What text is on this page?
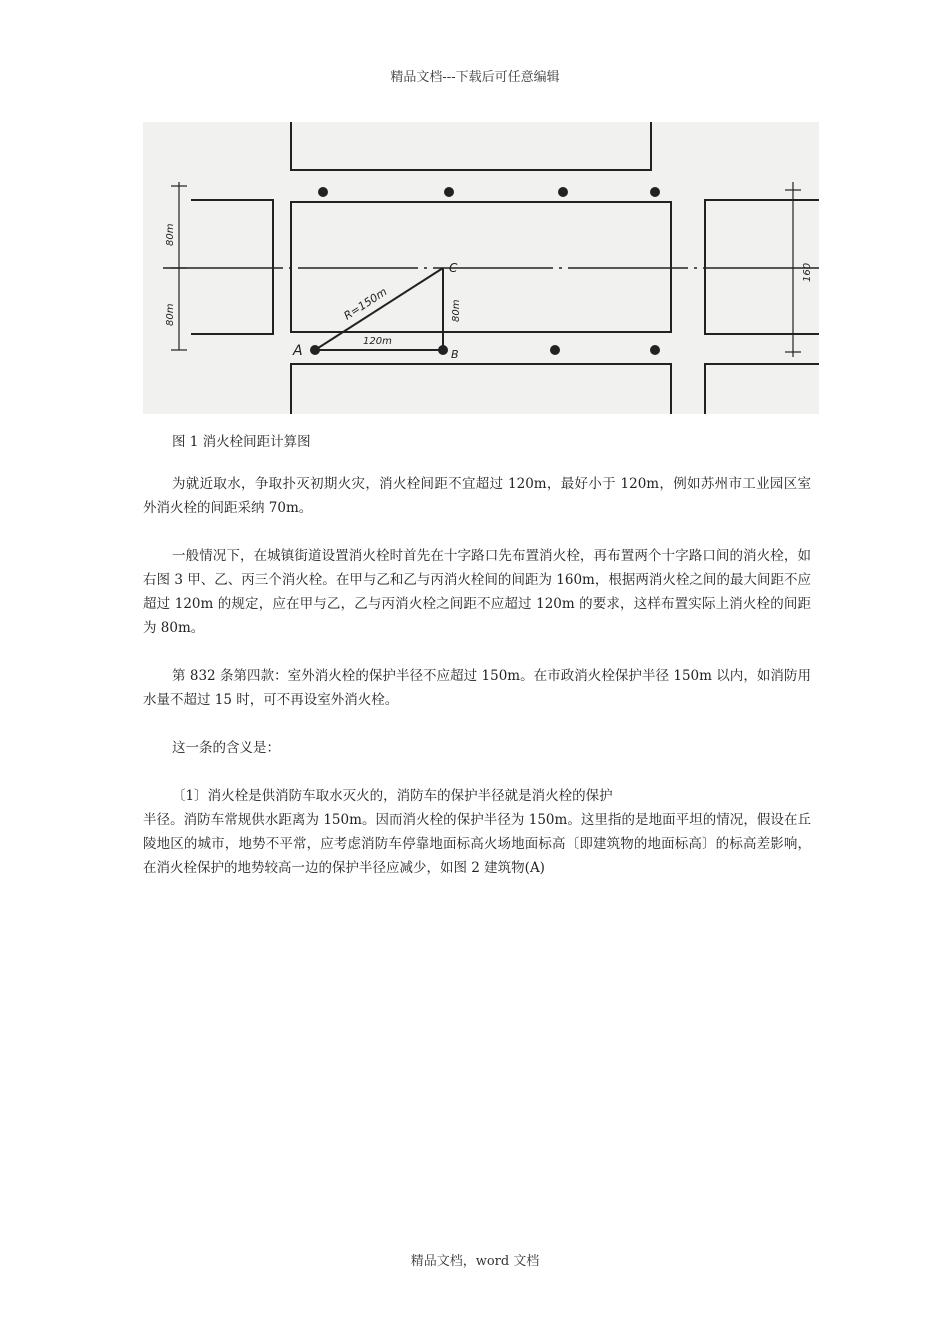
精品文档---下载后可任意编辑
A	B
C
R=150m
120m
80m
80m
80m
160
图 1 消火栓间距计算图

为就近取水，争取扑灭初期火灾，消火栓间距不宜超过 120m，最好小于 120m，例如苏州市工业园区室外消火栓的间距采纳 70m。

一般情况下，在城镇街道设置消火栓时首先在十字路口先布置消火栓，再布置两个十字路口间的消火栓，如右图 3 甲、乙、丙三个消火栓。在甲与乙和乙与丙消火栓间的间距为 160m，根据两消火栓之间的最大间距不应超过 120m 的规定，应在甲与乙，乙与丙消火栓之间距不应超过 120m 的要求，这样布置实际上消火栓的间距为 80m。

第 832 条第四款：室外消火栓的保护半径不应超过 150m。在市政消火栓保护半径 150m 以内，如消防用水量不超过 15 时，可不再设室外消火栓。

这一条的含义是：

〔1〕消火栓是供消防车取水灭火的，消防车的保护半径就是消火栓的保护

半径。消防车常规供水距离为 150m。因而消火栓的保护半径为 150m。这里指的是地面平坦的情况，假设在丘陵地区的城市，地势不平常，应考虑消防车停靠地面标高火场地面标高〔即建筑物的地面标高〕的标高差影响，在消火栓保护的地势较高一边的保护半径应减少，如图 2 建筑物(A)

精品文档，word 文档
